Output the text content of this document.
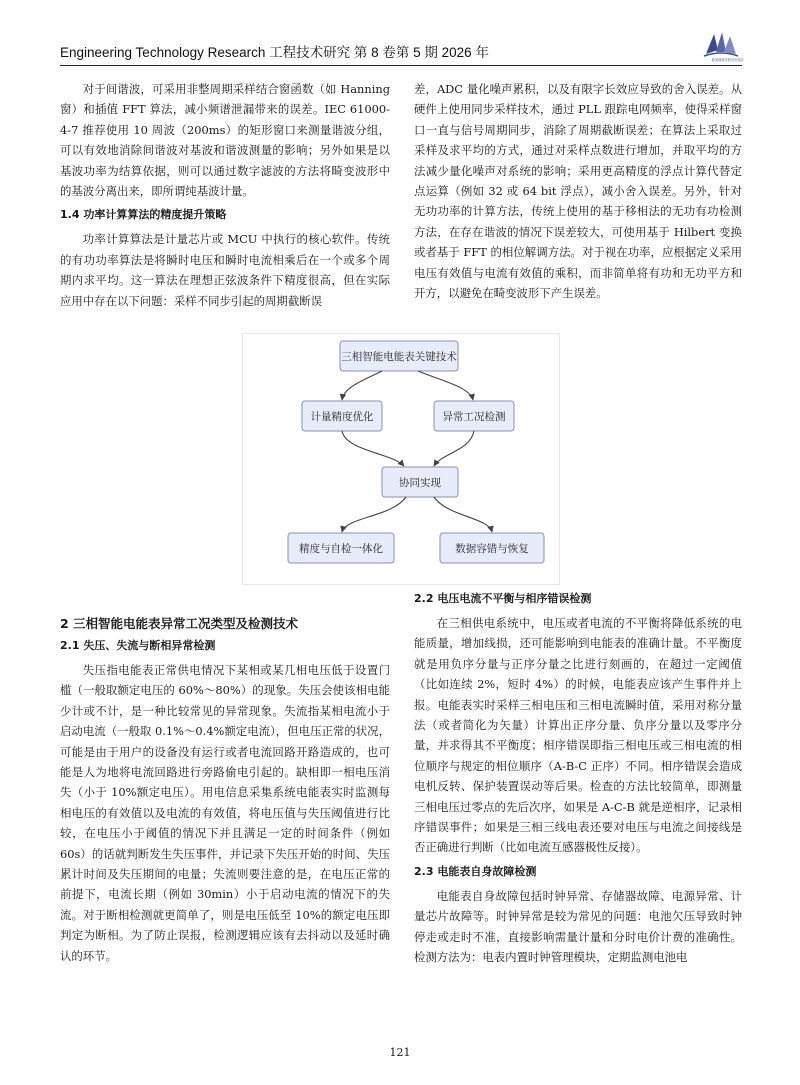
Engineering Technology Research 工程技术研究 第 8 卷第 5 期 2026 年
新加坡南洋科学出版社

对于间谐波，可采用非整周期采样结合窗函数（如 Hanning 窗）和插值 FFT 算法，减小频谱泄漏带来的误差。IEC 61000-4-7 推荐使用 10 周波（200ms）的矩形窗口来测量谐波分组，可以有效地消除间谐波对基波和谐波测量的影响；另外如果是以基波功率为结算依据，则可以通过数字滤波的方法将畸变波形中的基波分离出来，即所谓纯基波计量。

1.4 功率计算算法的精度提升策略

功率计算算法是计量芯片或 MCU 中执行的核心软件。传统的有功功率算法是将瞬时电压和瞬时电流相乘后在一个或多个周期内求平均。这一算法在理想正弦波条件下精度很高，但在实际应用中存在以下问题：采样不同步引起的周期截断误

差，ADC 量化噪声累积，以及有限字长效应导致的舍入误差。从硬件上使用同步采样技术，通过 PLL 跟踪电网频率，使得采样窗口一直与信号周期同步，消除了周期截断误差；在算法上采取过采样及求平均的方式，通过对采样点数进行增加，并取平均的方法减少量化噪声对系统的影响；采用更高精度的浮点计算代替定点运算（例如 32 或 64 bit 浮点），减小舍入误差。另外，针对无功功率的计算方法，传统上使用的基于移相法的无功有功检测方法，在存在谐波的情况下误差较大，可使用基于 Hilbert 变换或者基于 FFT 的相位解调方法。对于视在功率，应根据定义采用电压有效值与电流有效值的乘积，而非简单将有功和无功平方和开方，以避免在畸变波形下产生误差。

三相智能电能表关键技术
计量精度优化	异常工况检测
协同实现
精度与自检一体化	数据容错与恢复
2 三相智能电能表异常工况类型及检测技术
2.1 失压、失流与断相异常检测

失压指电能表正常供电情况下某相或某几相电压低于设置门槛（一般取额定电压的 60%～80%）的现象。失压会使该相电能少计或不计，是一种比较常见的异常现象。失流指某相电流小于启动电流（一般取 0.1%～0.4%额定电流），但电压正常的状况，可能是由于用户的设备没有运行或者电流回路开路造成的，也可能是人为地将电流回路进行旁路偷电引起的。缺相即一相电压消失（小于 10%额定电压）。用电信息采集系统电能表实时监测每相电压的有效值以及电流的有效值，将电压值与失压阈值进行比较，在电压小于阈值的情况下并且满足一定的时间条件（例如 60s）的话就判断发生失压事件，并记录下失压开始的时间、失压累计时间及失压期间的电量；失流则要注意的是，在电压正常的前提下，电流长期（例如 30min）小于启动电流的情况下的失流。对于断相检测就更简单了，则是电压低至 10%的额定电压即判定为断相。为了防止误报，检测逻辑应该有去抖动以及延时确认的环节。

2.2 电压电流不平衡与相序错误检测

在三相供电系统中，电压或者电流的不平衡将降低系统的电能质量，增加线损，还可能影响到电能表的准确计量。不平衡度就是用负序分量与正序分量之比进行刻画的，在超过一定阈值（比如连续 2%，短时 4%）的时候，电能表应该产生事件并上报。电能表实时采样三相电压和三相电流瞬时值，采用对称分量法（或者简化为矢量）计算出正序分量、负序分量以及零序分量，并求得其不平衡度；相序错误即指三相电压或三相电流的相位顺序与规定的相位顺序（A-B-C 正序）不同。相序错误会造成电机反转、保护装置误动等后果。检查的方法比较简单，即测量三相电压过零点的先后次序，如果是 A-C-B 就是逆相序，记录相序错误事件；如果是三相三线电表还要对电压与电流之间接线是否正确进行判断（比如电流互感器极性反接）。

2.3 电能表自身故障检测

电能表自身故障包括时钟异常、存储器故障、电源异常、计量芯片故障等。时钟异常是较为常见的问题：电池欠压导致时钟停走或走时不准，直接影响需量计量和分时电价计费的准确性。检测方法为：电表内置时钟管理模块，定期监测电池电

121
